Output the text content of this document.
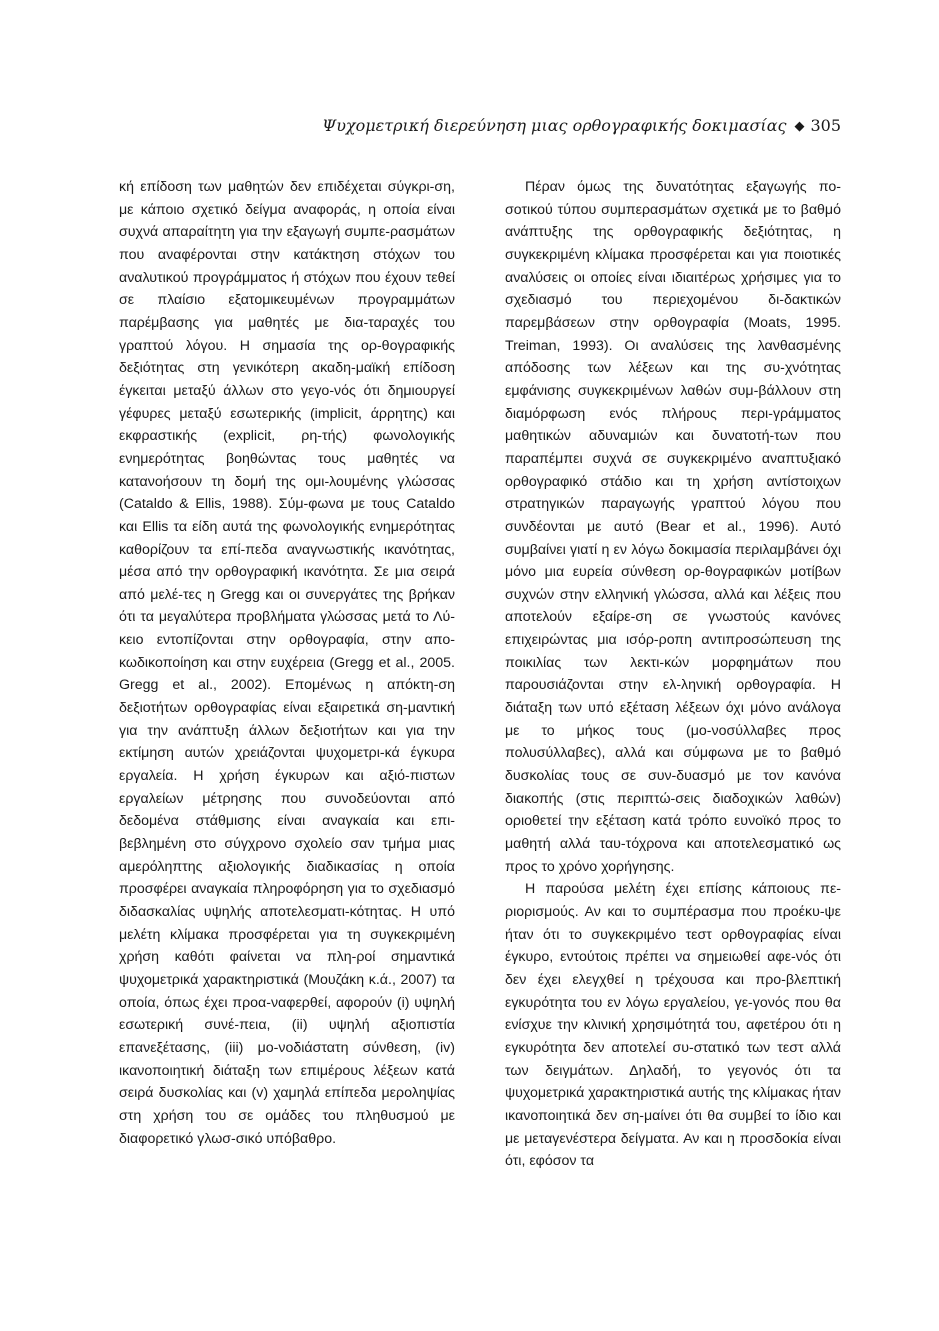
Ψυχομετρική διερεύνηση μιας ορθογραφικής δοκιμασίας ◆ 305

κή επίδοση των μαθητών δεν επιδέχεται σύγκρι-ση, με κάποιο σχετικό δείγμα αναφοράς, η οποία είναι συχνά απαραίτητη για την εξαγωγή συμπε-ρασμάτων που αναφέρονται στην κατάκτηση στόχων του αναλυτικού προγράμματος ή στόχων που έχουν τεθεί σε πλαίσιο εξατομικευμένων προγραμμάτων παρέμβασης για μαθητές με δια-ταραχές του γραπτού λόγου. Η σημασία της ορ-θογραφικής δεξιότητας στη γενικότερη ακαδη-μαϊκή επίδοση έγκειται μεταξύ άλλων στο γεγο-νός ότι δημιουργεί γέφυρες μεταξύ εσωτερικής (implicit, άρρητης) και εκφραστικής (explicit, ρη-τής) φωνολογικής ενημερότητας βοηθώντας τους μαθητές να κατανοήσουν τη δομή της ομι-λουμένης γλώσσας (Cataldo & Ellis, 1988). Σύμ-φωνα με τους Cataldo και Ellis τα είδη αυτά της φωνολογικής ενημερότητας καθορίζουν τα επί-πεδα αναγνωστικής ικανότητας, μέσα από την ορθογραφική ικανότητα. Σε μια σειρά από μελέ-τες η Gregg και οι συνεργάτες της βρήκαν ότι τα μεγαλύτερα προβλήματα γλώσσας μετά το Λύ-κειο εντοπίζονται στην ορθογραφία, στην απο-κωδικοποίηση και στην ευχέρεια (Gregg et al., 2005. Gregg et al., 2002). Επομένως η απόκτη-ση δεξιοτήτων ορθογραφίας είναι εξαιρετικά ση-μαντική για την ανάπτυξη άλλων δεξιοτήτων και για την εκτίμηση αυτών χρειάζονται ψυχομετρι-κά έγκυρα εργαλεία. Η χρήση έγκυρων και αξιό-πιστων εργαλείων μέτρησης που συνοδεύονται από δεδομένα στάθμισης είναι αναγκαία και επι-βεβλημένη στο σύγχρονο σχολείο σαν τμήμα μιας αμερόληπτης αξιολογικής διαδικασίας η οποία προσφέρει αναγκαία πληροφόρηση για το σχεδιασμό διδασκαλίας υψηλής αποτελεσματι-κότητας. Η υπό μελέτη κλίμακα προσφέρεται για τη συγκεκριμένη χρήση καθότι φαίνεται να πλη-ροί σημαντικά ψυχομετρικά χαρακτηριστικά (Μουζάκη κ.ά., 2007) τα οποία, όπως έχει προα-ναφερθεί, αφορούν (i) υψηλή εσωτερική συνέ-πεια, (ii) υψηλή αξιοπιστία επανεξέτασης, (iii) μο-νοδιάστατη σύνθεση, (iv) ικανοποιητική διάταξη των επιμέρους λέξεων κατά σειρά δυσκολίας και (v) χαμηλά επίπεδα μεροληψίας στη χρήση του σε ομάδες του πληθυσμού με διαφορετικό γλωσ-σικό υπόβαθρο.

Πέραν όμως της δυνατότητας εξαγωγής πο-σοτικού τύπου συμπερασμάτων σχετικά με το βαθμό ανάπτυξης της ορθογραφικής δεξιότητας, η συγκεκριμένη κλίμακα προσφέρεται και για ποιοτικές αναλύσεις οι οποίες είναι ιδιαιτέρως χρήσιμες για το σχεδιασμό του περιεχομένου δι-δακτικών παρεμβάσεων στην ορθογραφία (Moats, 1995. Treiman, 1993). Οι αναλύσεις της λανθασμένης απόδοσης των λέξεων και της συ-χνότητας εμφάνισης συγκεκριμένων λαθών συμ-βάλλουν στη διαμόρφωση ενός πλήρους περι-γράμματος μαθητικών αδυναμιών και δυνατοτή-των που παραπέμπει συχνά σε συγκεκριμένο αναπτυξιακό ορθογραφικό στάδιο και τη χρήση αντίστοιχων στρατηγικών παραγωγής γραπτού λόγου που συνδέονται με αυτό (Bear et al., 1996). Αυτό συμβαίνει γιατί η εν λόγω δοκιμασία περιλαμβάνει όχι μόνο μια ευρεία σύνθεση ορ-θογραφικών μοτίβων συχνών στην ελληνική γλώσσα, αλλά και λέξεις που αποτελούν εξαίρε-ση σε γνωστούς κανόνες επιχειρώντας μια ισόρ-ροπη αντιπροσώπευση της ποικιλίας των λεκτι-κών μορφημάτων που παρουσιάζονται στην ελ-ληνική ορθογραφία. Η διάταξη των υπό εξέταση λέξεων όχι μόνο ανάλογα με το μήκος τους (μο-νοσύλλαβες προς πολυσύλλαβες), αλλά και σύμφωνα με το βαθμό δυσκολίας τους σε συν-δυασμό με τον κανόνα διακοπής (στις περιπτώ-σεις διαδοχικών λαθών) οριοθετεί την εξέταση κατά τρόπο ευνοϊκό προς το μαθητή αλλά ταυ-τόχρονα και αποτελεσματικό ως προς το χρόνο χορήγησης.

Η παρούσα μελέτη έχει επίσης κάποιους πε-ριορισμούς. Αν και το συμπέρασμα που προέκυ-ψε ήταν ότι το συγκεκριμένο τεστ ορθογραφίας είναι έγκυρο, εντούτοις πρέπει να σημειωθεί αφε-νός ότι δεν έχει ελεγχθεί η τρέχουσα και προ-βλεπτική εγκυρότητα του εν λόγω εργαλείου, γε-γονός που θα ενίσχυε την κλινική χρησιμότητά του, αφετέρου ότι η εγκυρότητα δεν αποτελεί συ-στατικό των τεστ αλλά των δειγμάτων. Δηλαδή, το γεγονός ότι τα ψυχομετρικά χαρακτηριστικά αυτής της κλίμακας ήταν ικανοποιητικά δεν ση-μαίνει ότι θα συμβεί το ίδιο και με μεταγενέστερα δείγματα. Αν και η προσδοκία είναι ότι, εφόσον τα
